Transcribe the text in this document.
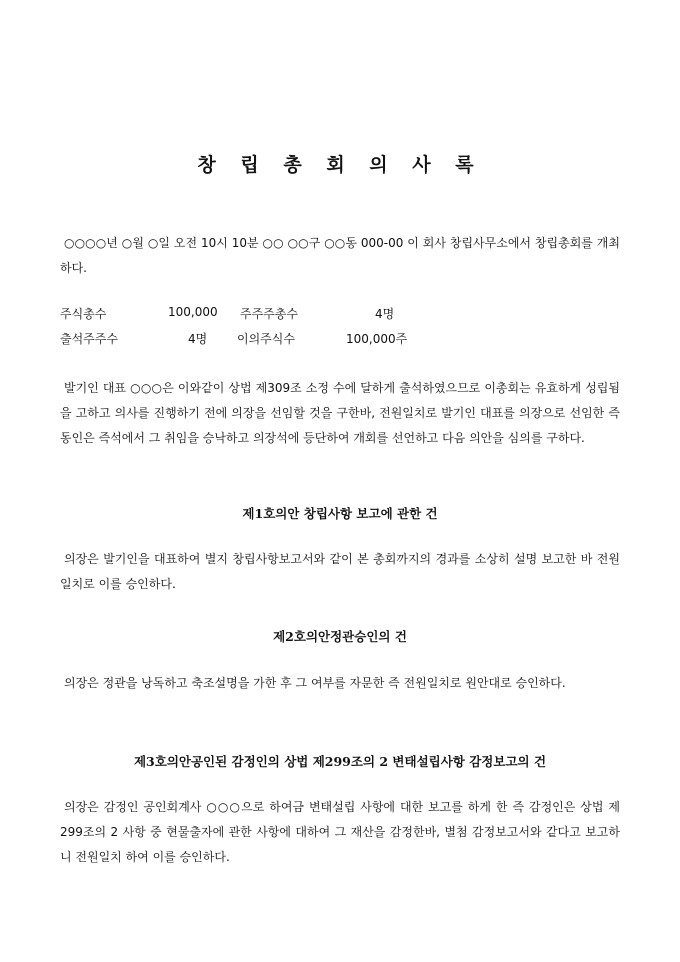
창 립 총 회 의 사 록
○○○○년 ○월 ○일 오전 10시 10분 ○○ ○○구 ○○동 000-00 이 회사 창립사무소에서 창립총회를 개최하다.
주식총수	100,000 주주주총수	4명
출석주주수	4명 이의주식수	100,000주
발기인 대표 ○○○은 이와같이 상법 제309조 소정 수에 달하게 출석하였으므로 이총회는 유효하게 성립됨을 고하고 의사를 진행하기 전에 의장을 선임할 것을 구한바, 전원일치로 발기인 대표를 의장으로 선임한 즉 동인은 즉석에서 그 취임을 승낙하고 의장석에 등단하여 개회를 선언하고 다음 의안을 심의를 구하다.
제1호의안 창립사항 보고에 관한 건
의장은 발기인을 대표하여 별지 창립사항보고서와 같이 본 총회까지의 경과를 소상히 설명 보고한 바 전원일치로 이를 승인하다.
제2호의안정관승인의 건
의장은 정관을 낭독하고 축조설명을 가한 후 그 여부를 자문한 즉 전원일치로 원안대로 승인하다.
제3호의안공인된 감정인의 상법 제299조의 2 변태설립사항 감정보고의 건
의장은 감정인 공인회계사 ○○○으로 하여금 변태설립 사항에 대한 보고를 하게 한 즉 감정인은 상법 제299조의 2 사항 중 현물출자에 관한 사항에 대하여 그 재산을 감정한바, 별첨 감정보고서와 같다고 보고하니 전원일치 하여 이를 승인하다.
